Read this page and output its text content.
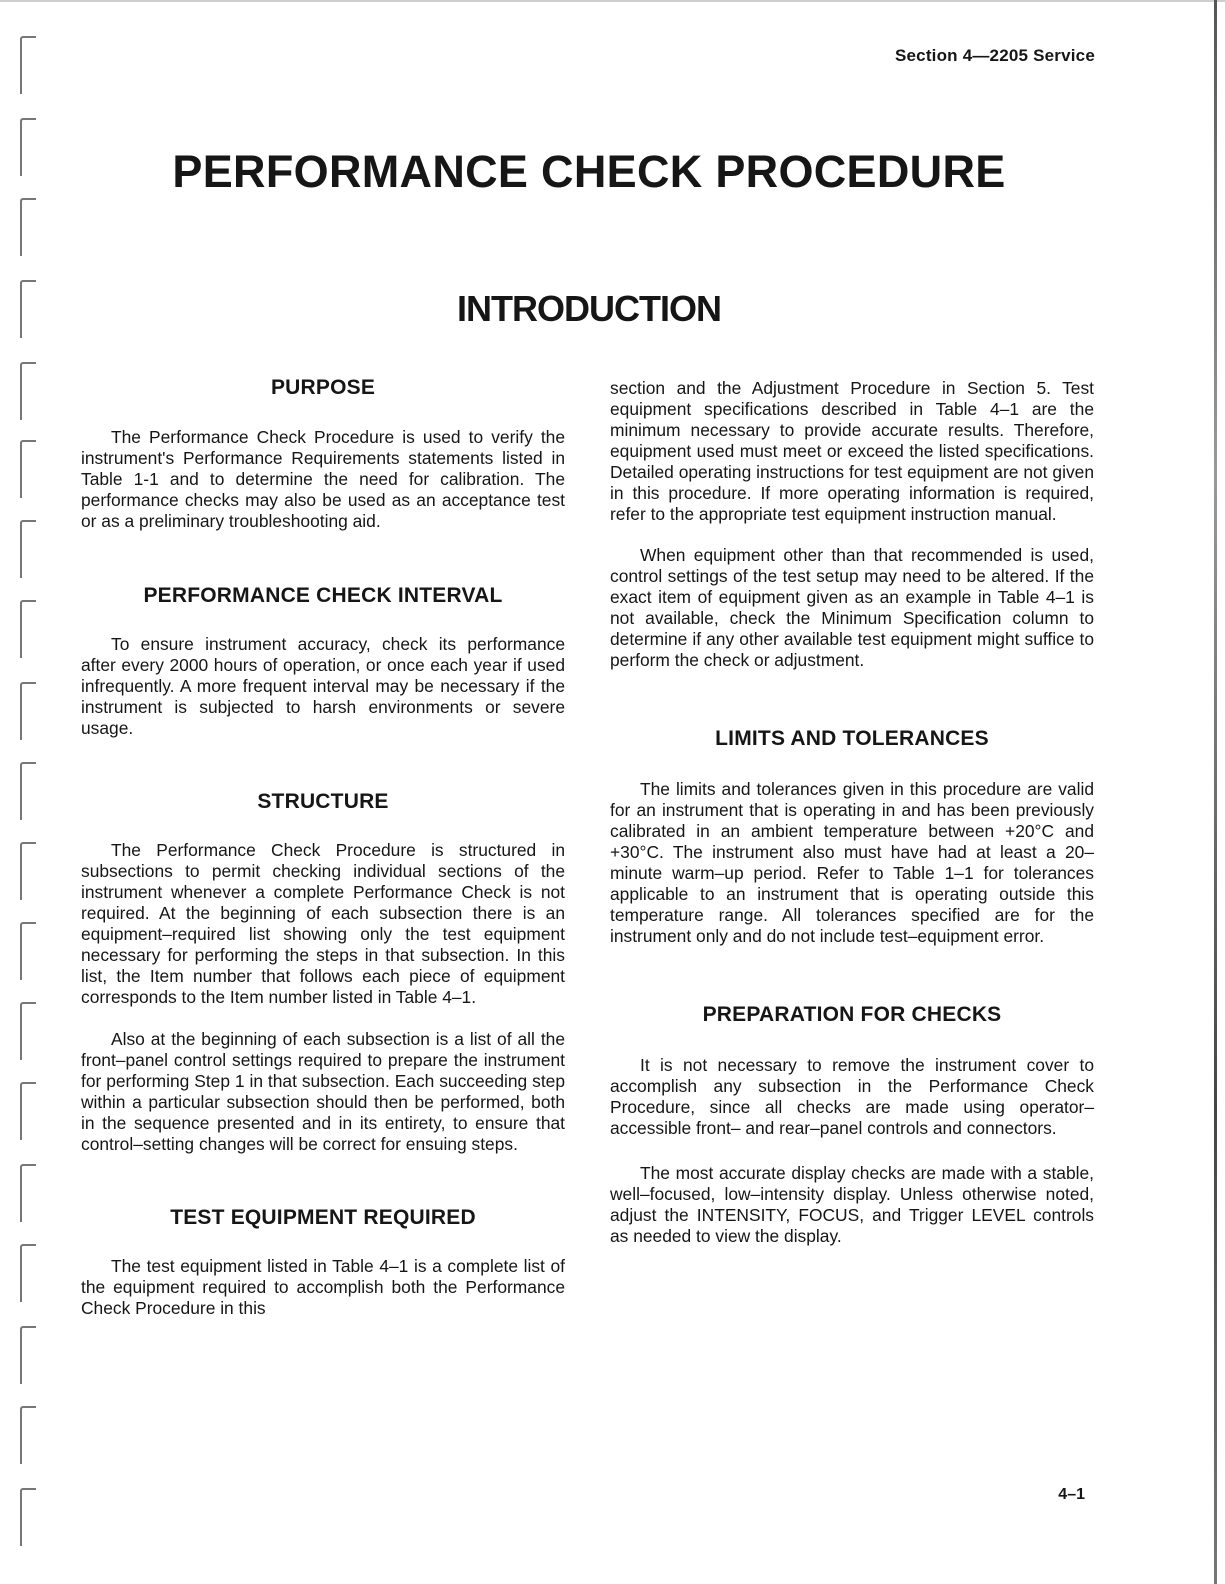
Section 4—2205 Service
PERFORMANCE CHECK PROCEDURE
INTRODUCTION
PURPOSE

The Performance Check Procedure is used to verify the instrument's Performance Requirements statements listed in Table 1-1 and to determine the need for calibration. The performance checks may also be used as an acceptance test or as a preliminary troubleshooting aid.

PERFORMANCE CHECK INTERVAL

To ensure instrument accuracy, check its performance after every 2000 hours of operation, or once each year if used infrequently. A more frequent interval may be necessary if the instrument is subjected to harsh environments or severe usage.

STRUCTURE

The Performance Check Procedure is structured in subsections to permit checking individual sections of the instrument whenever a complete Performance Check is not required. At the beginning of each subsection there is an equipment–required list showing only the test equipment necessary for performing the steps in that subsection. In this list, the Item number that follows each piece of equipment corresponds to the Item number listed in Table 4–1.

Also at the beginning of each subsection is a list of all the front–panel control settings required to prepare the instrument for performing Step 1 in that subsection. Each succeeding step within a particular subsection should then be performed, both in the sequence presented and in its entirety, to ensure that control–setting changes will be correct for ensuing steps.

TEST EQUIPMENT REQUIRED

The test equipment listed in Table 4–1 is a complete list of the equipment required to accomplish both the Performance Check Procedure in this

section and the Adjustment Procedure in Section 5. Test equipment specifications described in Table 4–1 are the minimum necessary to provide accurate results. Therefore, equipment used must meet or exceed the listed specifications. Detailed operating instructions for test equipment are not given in this procedure. If more operating information is required, refer to the appropriate test equipment instruction manual.

When equipment other than that recommended is used, control settings of the test setup may need to be altered. If the exact item of equipment given as an example in Table 4–1 is not available, check the Minimum Specification column to determine if any other available test equipment might suffice to perform the check or adjustment.

LIMITS AND TOLERANCES

The limits and tolerances given in this procedure are valid for an instrument that is operating in and has been previously calibrated in an ambient temperature between +20°C and +30°C. The instrument also must have had at least a 20–minute warm–up period. Refer to Table 1–1 for tolerances applicable to an instrument that is operating outside this temperature range. All tolerances specified are for the instrument only and do not include test–equipment error.

PREPARATION FOR CHECKS

It is not necessary to remove the instrument cover to accomplish any subsection in the Performance Check Procedure, since all checks are made using operator–accessible front– and rear–panel controls and connectors.

The most accurate display checks are made with a stable, well–focused, low–intensity display. Unless otherwise noted, adjust the INTENSITY, FOCUS, and Trigger LEVEL controls as needed to view the display.

4–1
